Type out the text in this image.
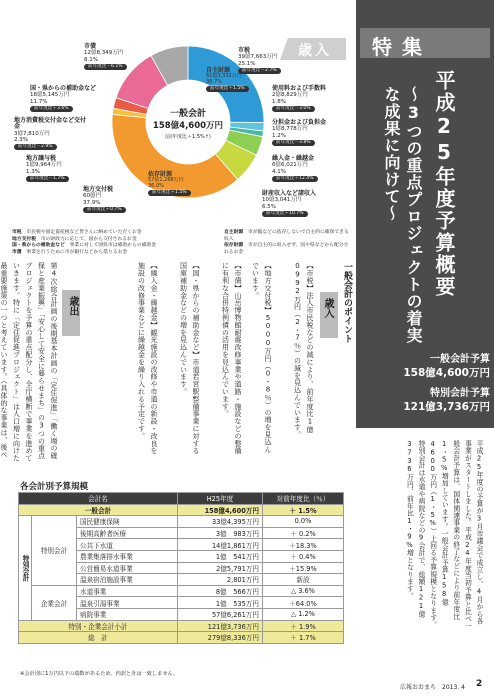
歳入
一般会計
158億4,600万円
(前年度比＋1.5%↑)
市債
12億8,349万円
8.1%
前年度比－6.1%
国・県からの補助金など
18億5,145万円
11.7%
前年度比＋3.6%
地方消費税交付金など交付金
3億7,810万円
2.3%
前年度比－2.9%
地方譲与税
1億9,964万円
1.3%
前年度比－1.7%
地方交付税
60億円
37.9%
前年度比＋0.7%
市税
39億7,663万円
25.1%
前年度比－2.7%
使用料および手数料
2億8,829万円
1.8%
前年度比－3.0%
分担金および負担金
1億8,778万円
1.2%
前年度比－3.8%
繰入金・繰越金
6億6,021万円
4.1%
前年度比＋12.4%
財産収入など諸収入
10億3,041万円
6.5%
前年度比＋10.7%
自主財源
61億3,332万円
38.7%
前年度比＋1.5%
依存財源
57億1,268万円
36.0%
前年度比＋1.5%
市税　 市民税や固定資産税など皆さんに納めていただくお金
地方交付税　 市の財政力に応じて、国から交付されるお金
国・県からの補助金など　 事業に対して国県市は補助からの補助金
市債　 事業を行うために市が銀行などから借りるお金
自主財源　 市が臨などに依存しないで自主的に確保できる収入
依存財源　 市が自主的に収入せず、国や県などから配分されるお金
特集
平成25年度予算概要
〜3つの重点プロジェクトの着実な成果に向けて〜
一般会計予算
158億4,600万円
特別会計予算
121億3,736万円
平成25年度の予算が3月市議会で成立し、4月から各事業がスタートしました。平成24年度当初予算と比べ一般会計予算は、国体関連事業の終了などにより前年度比1・5%増加しています。一般会計予算158億4600万円（1・5%）上回る予算規模となります。特別会計は水道や病院などの9会計で、総額121億3736万円、前年比1・9%増となります。
一般会計のポイント
歳入
【市税】法人市民税などの減により、前年度比1億0992万円（2・7％）の減を見込んでいます。
【地方交付税】5000万円（0・8％）の増を見込んでいます。
【市債】山岳博物館耐震改修事業や道路・施設などの整備に有利な合併特例債の活用を見込んでいます。
【国・県からの補助金など】市道若宮駅整備事業に対する国庫補助金などの増を見込んでいます。
【繰入金・繰越金】観光施設の改修や市道の新設・改良を施設の改修事業などに繰越金を繰り入れる予定です。
歳出
第4次総合計画の後期基本計画の「定住促進」「働く場の確保と産業振興」「安心して安全に暮らせまち」の3つの重点プロジェクトを予算の重点配分し、全庁横断で事業を進めていきます。特に「定住促進プロジェクト」は人口増に向けた最重要施策の一つと考えています。（具体的な事業は、後ペ
各会計別予算規模
会計名			H25年度	対前年度比（％）
一般会計			158億4,600万円	＋ 1.5%
特別会計	特別会計	国民健康保険	33億4,395万円	0.0%
		後期高齢者医療	3億　983万円	＋ 0.2%
		公共下水道	14億1,861万円	＋18.3%
		農業集落排水事業	1億　541万円	＋ 0.4%
		公営簡易水道事業	2億5,791万円	＋15.9%
		温泉宿泊施設事業	2,801万円	新設
	企業会計	水道事業	8億　566万円	△ 3.6%
		温泉引湯事業	1億　535万円	＋64.0%
		病院事業	57億6,261万円	△ 1.2%
特別・企業会計小計			121億3,736万円	＋ 1.9%
総　計			279億8,336万円	＋ 1.7%
※会計別に1万円以下の端数があるため、内訳と計は一致しません。
広報おおまち　2013. 4 2
